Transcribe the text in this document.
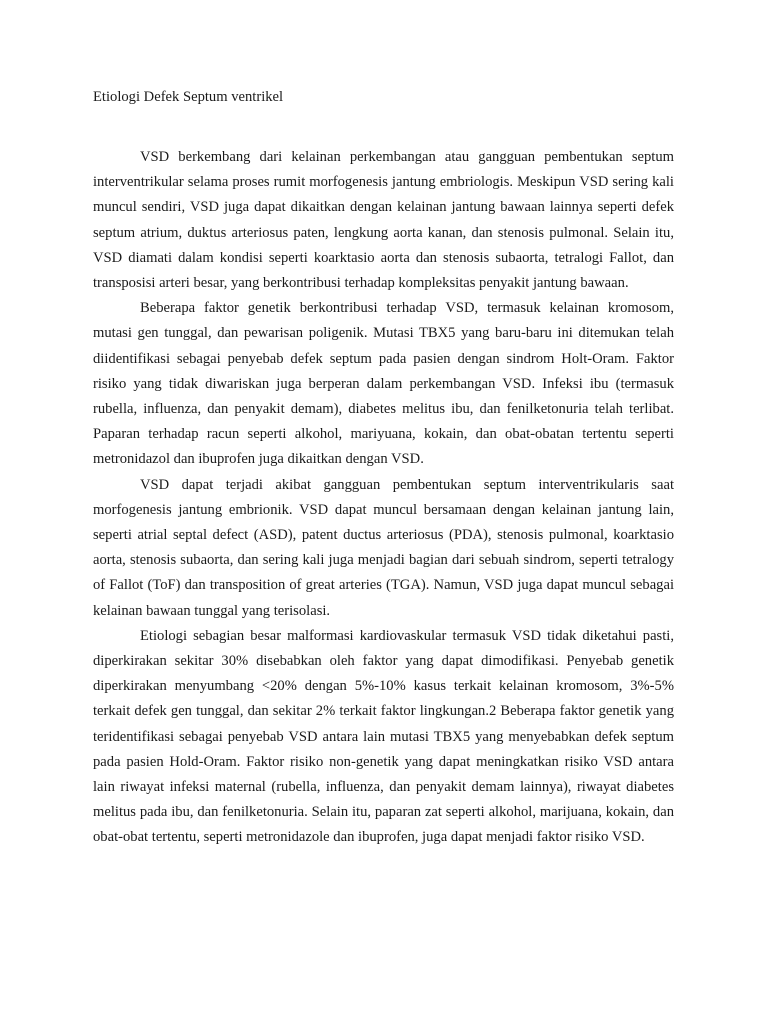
Etiologi Defek Septum ventrikel

VSD berkembang dari kelainan perkembangan atau gangguan pembentukan septum interventrikular selama proses rumit morfogenesis jantung embriologis. Meskipun VSD sering kali muncul sendiri, VSD juga dapat dikaitkan dengan kelainan jantung bawaan lainnya seperti defek septum atrium, duktus arteriosus paten, lengkung aorta kanan, dan stenosis pulmonal. Selain itu, VSD diamati dalam kondisi seperti koarktasio aorta dan stenosis subaorta, tetralogi Fallot, dan transposisi arteri besar, yang berkontribusi terhadap kompleksitas penyakit jantung bawaan.

Beberapa faktor genetik berkontribusi terhadap VSD, termasuk kelainan kromosom, mutasi gen tunggal, dan pewarisan poligenik. Mutasi TBX5 yang baru-baru ini ditemukan telah diidentifikasi sebagai penyebab defek septum pada pasien dengan sindrom Holt-Oram. Faktor risiko yang tidak diwariskan juga berperan dalam perkembangan VSD. Infeksi ibu (termasuk rubella, influenza, dan penyakit demam), diabetes melitus ibu, dan fenilketonuria telah terlibat. Paparan terhadap racun seperti alkohol, mariyuana, kokain, dan obat-obatan tertentu seperti metronidazol dan ibuprofen juga dikaitkan dengan VSD.

VSD dapat terjadi akibat gangguan pembentukan septum interventrikularis saat morfogenesis jantung embrionik. VSD dapat muncul bersamaan dengan kelainan jantung lain, seperti atrial septal defect (ASD), patent ductus arteriosus (PDA), stenosis pulmonal, koarktasio aorta, stenosis subaorta, dan sering kali juga menjadi bagian dari sebuah sindrom, seperti tetralogy of Fallot (ToF) dan transposition of great arteries (TGA). Namun, VSD juga dapat muncul sebagai kelainan bawaan tunggal yang terisolasi.

Etiologi sebagian besar malformasi kardiovaskular termasuk VSD tidak diketahui pasti, diperkirakan sekitar 30% disebabkan oleh faktor yang dapat dimodifikasi. Penyebab genetik diperkirakan menyumbang <20% dengan 5%-10% kasus terkait kelainan kromosom, 3%-5% terkait defek gen tunggal, dan sekitar 2% terkait faktor lingkungan.2 Beberapa faktor genetik yang teridentifikasi sebagai penyebab VSD antara lain mutasi TBX5 yang menyebabkan defek septum pada pasien Hold-Oram. Faktor risiko non-genetik yang dapat meningkatkan risiko VSD antara lain riwayat infeksi maternal (rubella, influenza, dan penyakit demam lainnya), riwayat diabetes melitus pada ibu, dan fenilketonuria. Selain itu, paparan zat seperti alkohol, marijuana, kokain, dan obat-obat tertentu, seperti metronidazole dan ibuprofen, juga dapat menjadi faktor risiko VSD.
